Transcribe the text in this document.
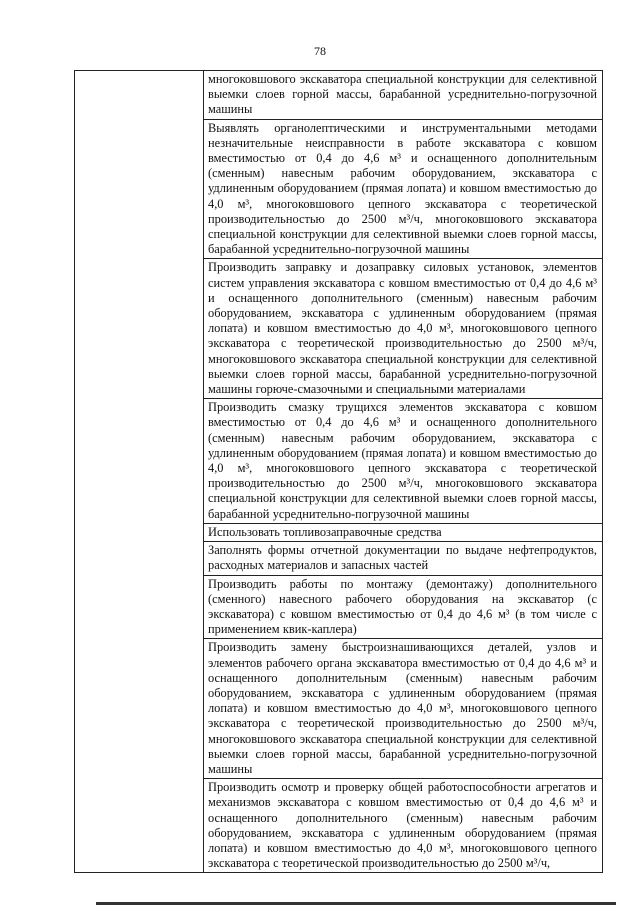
78

многоковшового экскаватора специальной конструкции для селективной выемки слоев горной массы, барабанной усреднительно-погрузочной машины

Выявлять органолептическими и инструментальными методами незначительные неисправности в работе экскаватора с ковшом вместимостью от 0,4 до 4,6 м³ и оснащенного дополнительным (сменным) навесным рабочим оборудованием, экскаватора с удлиненным оборудованием (прямая лопата) и ковшом вместимостью до 4,0 м³, многоковшового цепного экскаватора с теоретической производительностью до 2500 м³/ч, многоковшового экскаватора специальной конструкции для селективной выемки слоев горной массы, барабанной усреднительно-погрузочной машины

Производить заправку и дозаправку силовых установок, элементов систем управления экскаватора с ковшом вместимостью от 0,4 до 4,6 м³ и оснащенного дополнительного (сменным) навесным рабочим оборудованием, экскаватора с удлиненным оборудованием (прямая лопата) и ковшом вместимостью до 4,0 м³, многоковшового цепного экскаватора с теоретической производительностью до 2500 м³/ч, многоковшового экскаватора специальной конструкции для селективной выемки слоев горной массы, барабанной усреднительно-погрузочной машины горюче-смазочными и специальными материалами

Производить смазку трущихся элементов экскаватора с ковшом вместимостью от 0,4 до 4,6 м³ и оснащенного дополнительного (сменным) навесным рабочим оборудованием, экскаватора с удлиненным оборудованием (прямая лопата) и ковшом вместимостью до 4,0 м³, многоковшового цепного экскаватора с теоретической производительностью до 2500 м³/ч, многоковшового экскаватора специальной конструкции для селективной выемки слоев горной массы, барабанной усреднительно-погрузочной машины

Использовать топливозаправочные средства

Заполнять формы отчетной документации по выдаче нефтепродуктов, расходных материалов и запасных частей

Производить работы по монтажу (демонтажу) дополнительного (сменного) навесного рабочего оборудования на экскаватор (с экскаватора) с ковшом вместимостью от 0,4 до 4,6 м³ (в том числе с применением квик-каплера)

Производить замену быстроизнашивающихся деталей, узлов и элементов рабочего органа экскаватора вместимостью от 0,4 до 4,6 м³ и оснащенного дополнительным (сменным) навесным рабочим оборудованием, экскаватора с удлиненным оборудованием (прямая лопата) и ковшом вместимостью до 4,0 м³, многоковшового цепного экскаватора с теоретической производительностью до 2500 м³/ч, многоковшового экскаватора специальной конструкции для селективной выемки слоев горной массы, барабанной усреднительно-погрузочной машины

Производить осмотр и проверку общей работоспособности агрегатов и механизмов экскаватора с ковшом вместимостью от 0,4 до 4,6 м³ и оснащенного дополнительного (сменным) навесным рабочим оборудованием, экскаватора с удлиненным оборудованием (прямая лопата) и ковшом вместимостью до 4,0 м³, многоковшового цепного экскаватора с теоретической производительностью до 2500 м³/ч,
